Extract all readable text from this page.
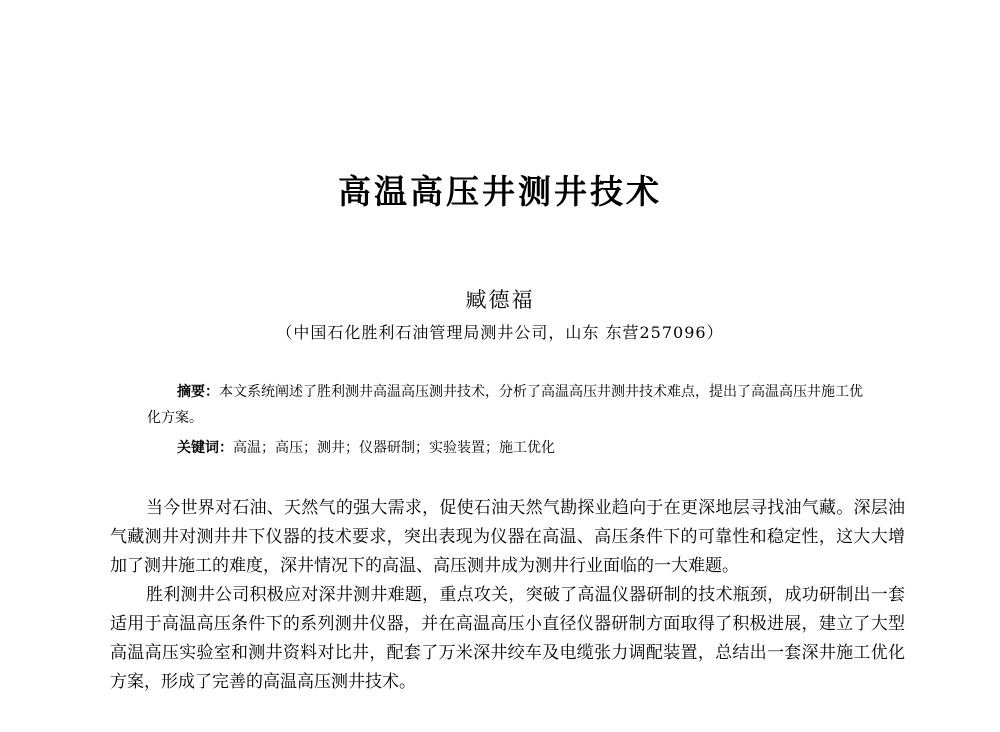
高温高压井测井技术
臧德福
（中国石化胜利石油管理局测井公司，山东 东营257096）

摘要：本文系统阐述了胜利测井高温高压测井技术，分析了高温高压井测井技术难点，提出了高温高压井施工优化方案。

关键词：高温；高压；测井；仪器研制；实验装置；施工优化

当今世界对石油、天然气的强大需求，促使石油天然气勘探业趋向于在更深地层寻找油气藏。深层油气藏测井对测井井下仪器的技术要求，突出表现为仪器在高温、高压条件下的可靠性和稳定性，这大大增加了测井施工的难度，深井情况下的高温、高压测井成为测井行业面临的一大难题。

胜利测井公司积极应对深井测井难题，重点攻关，突破了高温仪器研制的技术瓶颈，成功研制出一套适用于高温高压条件下的系列测井仪器，并在高温高压小直径仪器研制方面取得了积极进展，建立了大型高温高压实验室和测井资料对比井，配套了万米深井绞车及电缆张力调配装置，总结出一套深井施工优化方案，形成了完善的高温高压测井技术。
